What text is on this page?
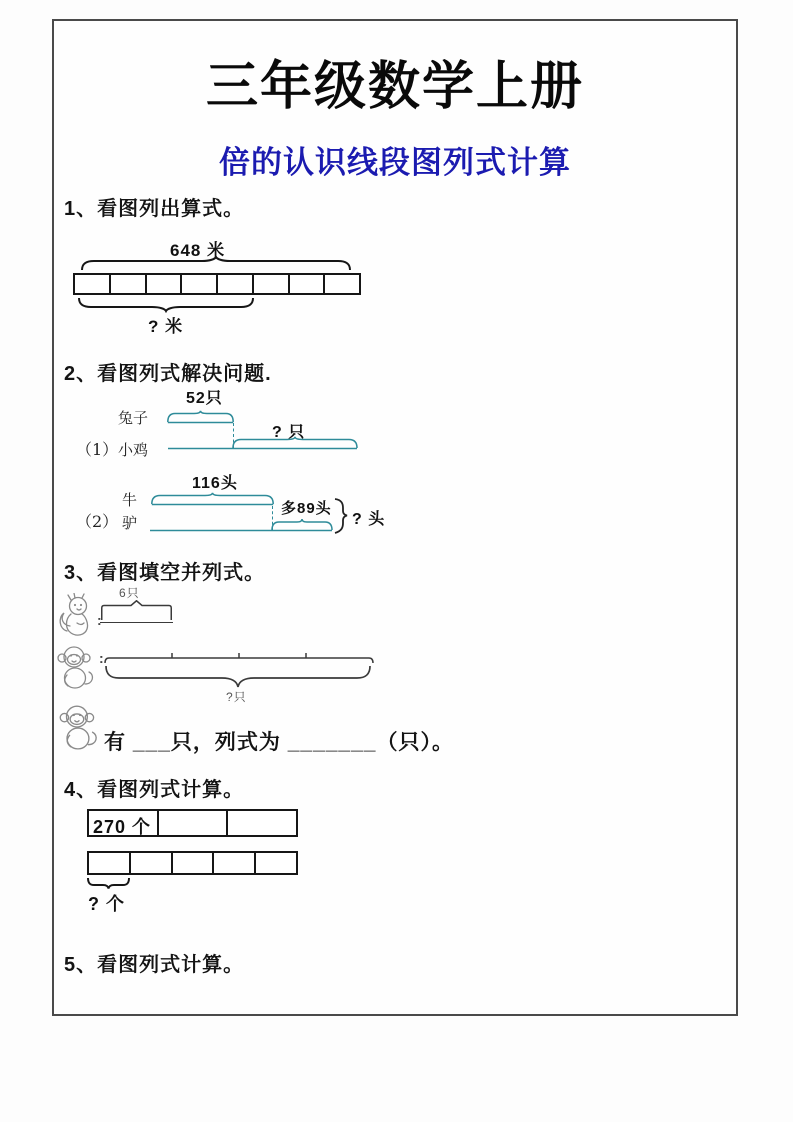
三年级数学上册
倍的认识线段图列式计算
1、看图列出算式。
648 米
? 米
2、看图列式解决问题.
52只
兔子
? 只
（1） 小鸡
116头
牛	多89头
（2） 驴	? 头
3、看图填空并列式。
6只
:
:
?只
有 ___只，列式为 _______（只）。
4、看图列式计算。
270 个
? 个
5、看图列式计算。
